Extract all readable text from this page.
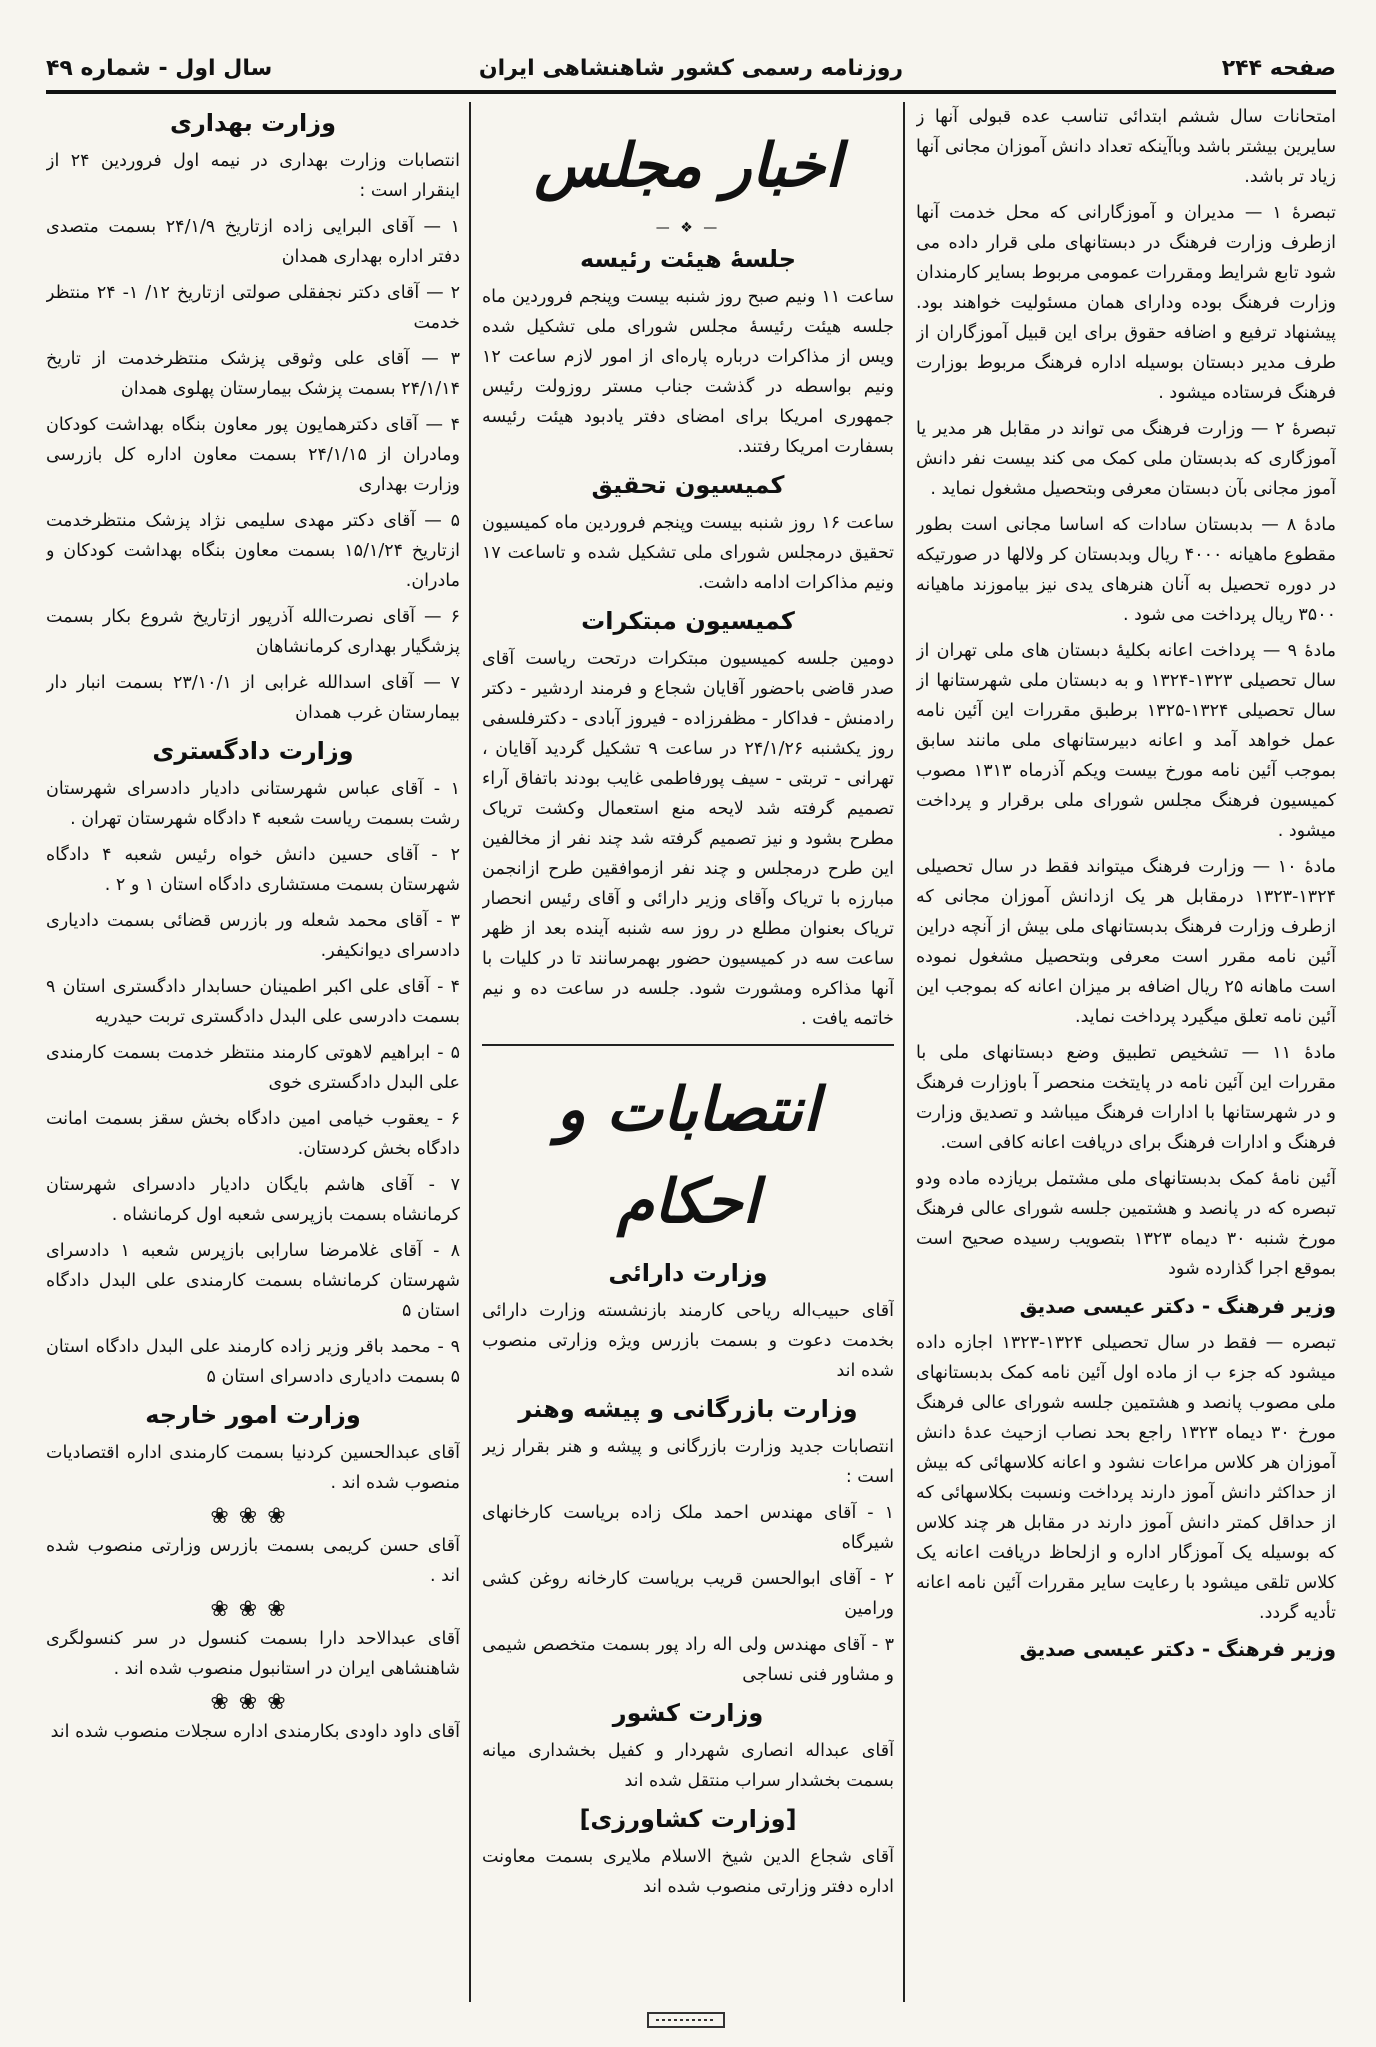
صفحه ۲۴۴
روزنامه رسمی کشور شاهنشاهی ایران
سال اول - شماره ۴۹

امتحانات سال ششم ابتدائی تناسب عده قبولی آنها ز سایرین بیشتر باشد وباآینکه تعداد دانش آموزان مجانی آنها زیاد تر باشد.

تبصرهٔ ۱ — مدیران و آموزگارانی که محل خدمت آنها ازطرف وزارت فرهنگ در دبستانهای ملی قرار داده می شود تابع شرایط ومقررات عمومی مربوط بسایر کارمندان وزارت فرهنگ بوده ودارای همان مسئولیت خواهند بود. پیشنهاد ترفیع و اضافه حقوق برای این قبیل آموزگاران از طرف مدیر دبستان بوسیله اداره فرهنگ مربوط بوزارت فرهنگ فرستاده میشود .

تبصرهٔ ۲ — وزارت فرهنگ می تواند در مقابل هر مدیر یا آموزگاری که بدبستان ملی کمک می کند بیست نفر دانش آموز مجانی بآن دبستان معرفی وبتحصیل مشغول نماید .

مادهٔ ۸ — بدبستان سادات که اساسا مجانی است بطور مقطوع ماهیانه ۴۰۰۰ ریال وبدبستان کر ولالها در صورتیکه در دوره تحصیل به آنان هنرهای یدی نیز بیاموزند ماهیانه ۳۵۰۰ ریال پرداخت می شود .

مادهٔ ۹ — پرداخت اعانه بکلیهٔ دبستان های ملی تهران از سال تحصیلی ۱۳۲۳-۱۳۲۴ و به دبستان ملی شهرستانها از سال تحصیلی ۱۳۲۴-۱۳۲۵ برطبق مقررات این آئین نامه عمل خواهد آمد و اعانه دبیرستانهای ملی مانند سابق بموجب آئین نامه مورخ بیست ویکم آذرماه ۱۳۱۳ مصوب کمیسیون فرهنگ مجلس شورای ملی برقرار و پرداخت میشود .

مادهٔ ۱۰ — وزارت فرهنگ میتواند فقط در سال تحصیلی ۱۳۲۴-۱۳۲۳ درمقابل هر یک ازدانش آموزان مجانی که ازطرف وزارت فرهنگ بدبستانهای ملی بیش از آنچه دراین آئین نامه مقرر است معرفی وبتحصیل مشغول نموده است ماهانه ۲۵ ریال اضافه بر میزان اعانه که بموجب این آئین نامه تعلق میگیرد پرداخت نماید.

مادهٔ ۱۱ — تشخیص تطبیق وضع دبستانهای ملی با مقررات این آئین نامه در پایتخت منحصر آ باوزارت فرهنگ و در شهرستانها با ادارات فرهنگ میباشد و تصدیق وزارت فرهنگ و ادارات فرهنگ برای دریافت اعانه کافی است.

آئین نامهٔ کمک بدبستانهای ملی مشتمل بریازده ماده ودو تبصره که در پانصد و هشتمین جلسه شورای عالی فرهنگ مورخ شنبه ۳۰ دیماه ۱۳۲۳ بتصویب رسیده صحیح است بموقع اجرا گذارده شود

وزیر فرهنگ - دکتر عیسی صدیق

تبصره — فقط در سال تحصیلی ۱۳۲۴-۱۳۲۳ اجازه داده میشود که جزء ب از ماده اول آئین نامه کمک بدبستانهای ملی مصوب پانصد و هشتمین جلسه شورای عالی فرهنگ مورخ ۳۰ دیماه ۱۳۲۳ راجع بحد نصاب ازحیث عدهٔ دانش آموزان هر کلاس مراعات نشود و اعانه کلاسهائی که بیش از حداکثر دانش آموز دارند پرداخت ونسبت بکلاسهائی که از حداقل کمتر دانش آموز دارند در مقابل هر چند کلاس که بوسیله یک آموزگار اداره و ازلحاظ دریافت اعانه یک کلاس تلقی میشود با رعایت سایر مقررات آئین نامه اعانه تأدیه گردد.

وزیر فرهنگ - دکتر عیسی صدیق
اخبار مجلس
— ❖ —
جلسهٔ هیئت رئیسه

ساعت ۱۱ ونیم صبح روز شنبه بیست وپنجم فروردین ماه جلسه هیئت رئیسهٔ مجلس شورای ملی تشکیل شده ویس از مذاکرات درباره پاره‌ای از امور لازم ساعت ۱۲ ونیم بواسطه در گذشت جناب مستر روزولت رئیس جمهوری امریکا برای امضای دفتر یادبود هیئت رئیسه بسفارت امریکا رفتند.

کمیسیون تحقیق

ساعت ۱۶ روز شنبه بیست وپنجم فروردین ماه کمیسیون تحقیق درمجلس شورای ملی تشکیل شده و تاساعت ۱۷ ونیم مذاکرات ادامه داشت.

کمیسیون مبتکرات

دومین جلسه کمیسیون مبتکرات درتحت ریاست آقای صدر قاضی باحضور آقایان شجاع و فرمند اردشیر - دکتر رادمنش - فداکار - مظفرزاده - فیروز آبادی - دکترفلسفی روز یکشنبه ۲۴/۱/۲۶ در ساعت ۹ تشکیل گردید آقایان ، تهرانی - تربتی - سیف پورفاطمی غایب بودند باتفاق آراء تصمیم گرفته شد لایحه منع استعمال وکشت تریاک مطرح بشود و نیز تصمیم گرفته شد چند نفر از مخالفین این طرح درمجلس و چند نفر ازموافقین طرح ازانجمن مبارزه با تریاک وآقای وزیر دارائی و آقای رئیس انحصار تریاک بعنوان مطلع در روز سه شنبه آینده بعد از ظهر ساعت سه در کمیسیون حضور بهمرسانند تا در کلیات با آنها مذاکره ومشورت شود. جلسه در ساعت ده و نیم خاتمه یافت .

انتصابات و احکام
وزارت دارائی

آقای حبیب‌اله ریاحی کارمند بازنشسته وزارت دارائی بخدمت دعوت و بسمت بازرس ویژه وزارتی منصوب شده اند

وزارت بازرگانی و پیشه وهنر

انتصابات جدید وزارت بازرگانی و پیشه و هنر بقرار زیر است :

۱ - آقای مهندس احمد ملک زاده بریاست کارخانهای شیرگاه

۲ - آقای ابوالحسن قریب بریاست کارخانه روغن کشی ورامین

۳ - آقای مهندس ولی اله راد پور بسمت متخصص شیمی و مشاور فنی نساجی

وزارت کشور

آقای عبداله انصاری شهردار و کفیل بخشداری میانه بسمت بخشدار سراب منتقل شده اند

[وزارت کشاورزی]

آقای شجاع الدین شیخ الاسلام ملایری بسمت معاونت اداره دفتر وزارتی منصوب شده اند

وزارت بهداری

انتصابات وزارت بهداری در نیمه اول فروردین ۲۴ از اینقرار است :

۱ — آقای البرایی زاده ازتاریخ ۲۴/۱/۹ بسمت متصدی دفتر اداره بهداری همدان

۲ — آقای دکتر نجفقلی صولتی ازتاریخ ۱۲/ ۱- ۲۴ منتظر خدمت

۳ — آقای علی وثوقی پزشک منتظرخدمت از تاریخ ۲۴/۱/۱۴ بسمت پزشک بیمارستان پهلوی همدان

۴ — آقای دکترهمایون پور معاون بنگاه بهداشت کودکان ومادران از ۲۴/۱/۱۵ بسمت معاون اداره کل بازرسی وزارت بهداری

۵ — آقای دکتر مهدی سلیمی نژاد پزشک منتظرخدمت ازتاریخ ۱۵/۱/۲۴ بسمت معاون بنگاه بهداشت کودکان و مادران.

۶ — آقای نصرت‌الله آذرپور ازتاریخ شروع بکار بسمت پزشگیار بهداری کرمانشاهان

۷ — آقای اسدالله غرابی از ۲۳/۱۰/۱ بسمت انبار دار بیمارستان غرب همدان

وزارت دادگستری

۱ - آقای عباس شهرستانی دادیار دادسرای شهرستان رشت بسمت ریاست شعبه ۴ دادگاه شهرستان تهران .

۲ - آقای حسین دانش خواه رئیس شعبه ۴ دادگاه شهرستان بسمت مستشاری دادگاه استان ۱ و ۲ .

۳ - آقای محمد شعله ور بازرس قضائی بسمت دادیاری دادسرای دیوانکیفر.

۴ - آقای علی اکبر اطمینان حسابدار دادگستری استان ۹ بسمت دادرسی علی البدل دادگستری تربت حیدریه

۵ - ابراهیم لاهوتی کارمند منتظر خدمت بسمت کارمندی علی البدل دادگستری خوی

۶ - یعقوب خیامی امین دادگاه بخش سقز بسمت امانت دادگاه بخش کردستان.

۷ - آقای هاشم بایگان دادیار دادسرای شهرستان کرمانشاه بسمت بازپرسی شعبه اول کرمانشاه .

۸ - آقای غلامرضا سارابی بازپرس شعبه ۱ دادسرای شهرستان کرمانشاه بسمت کارمندی علی البدل دادگاه استان ۵

۹ - محمد باقر وزیر زاده کارمند علی البدل دادگاه استان ۵ بسمت دادیاری دادسرای استان ۵

وزارت امور خارجه

آقای عبدالحسین کردنیا بسمت کارمندی اداره اقتصادیات منصوب شده اند .

❀❀❀

آقای حسن کریمی بسمت بازرس وزارتی منصوب شده اند .

❀❀❀

آقای عبدالاحد دارا بسمت کنسول در سر کنسولگری شاهنشاهی ایران در استانبول منصوب شده اند .

❀❀❀

آقای داود داودی بکارمندی اداره سجلات منصوب شده اند
